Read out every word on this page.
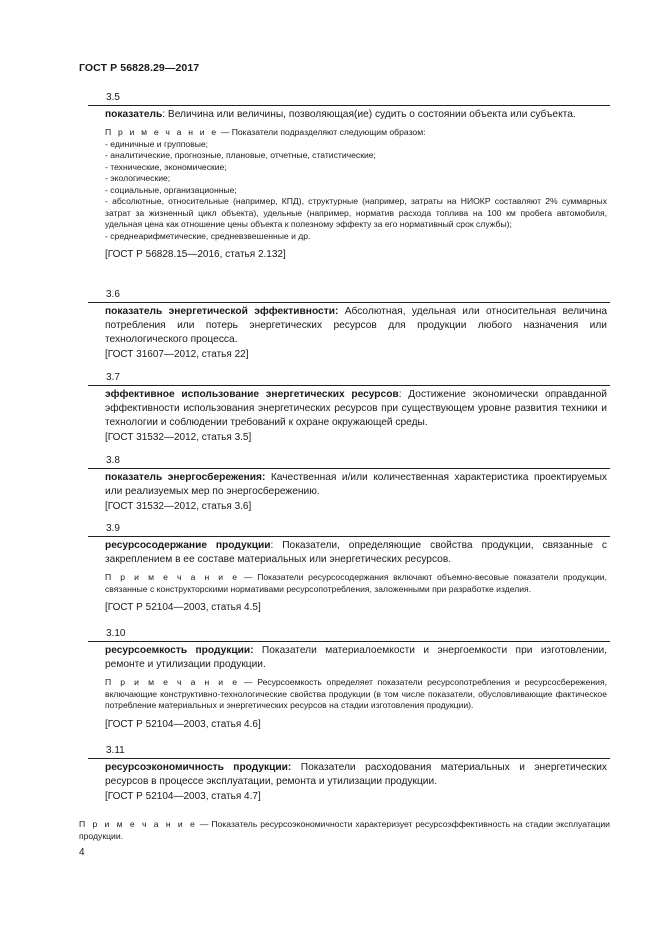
ГОСТ Р 56828.29—2017
3.5
показатель: Величина или величины, позволяющая(ие) судить о состоянии объекта или субъекта.
П р и м е ч а н и е — Показатели подразделяют следующим образом:
- единичные и групповые;
- аналитические, прогнозные, плановые, отчетные, статистические;
- технические, экономические;
- экологические;
- социальные, организационные;
- абсолютные, относительные (например, КПД), структурные (например, затраты на НИОКР составляют 2% суммарных затрат за жизненный цикл объекта), удельные (например, норматив расхода топлива на 100 км пробега автомобиля, удельная цена как отношение цены объекта к полезному эффекту за его нормативный срок службы);
- среднеарифметические, средневзвешенные и др.
[ГОСТ Р 56828.15—2016, статья 2.132]
3.6
показатель энергетической эффективности: Абсолютная, удельная или относительная величина потребления или потерь энергетических ресурсов для продукции любого назначения или технологического процесса.
[ГОСТ 31607—2012, статья 22]
3.7
эффективное использование энергетических ресурсов: Достижение экономически оправданной эффективности использования энергетических ресурсов при существующем уровне развития техники и технологии и соблюдении требований к охране окружающей среды.
[ГОСТ 31532—2012, статья 3.5]
3.8
показатель энергосбережения: Качественная и/или количественная характеристика проектируемых или реализуемых мер по энергосбережению.
[ГОСТ 31532—2012, статья 3.6]
3.9
ресурсосодержание продукции: Показатели, определяющие свойства продукции, связанные с закреплением в ее составе материальных или энергетических ресурсов.
П р и м е ч а н и е — Показатели ресурсосодержания включают объемно-весовые показатели продукции, связанные с конструкторскими нормативами ресурсопотребления, заложенными при разработке изделия.
[ГОСТ Р 52104—2003, статья 4.5]
3.10
ресурсоемкость продукции: Показатели материалоемкости и энергоемкости при изготовлении, ремонте и утилизации продукции.
П р и м е ч а н и е — Ресурсоемкость определяет показатели ресурсопотребления и ресурсосбережения, включающие конструктивно-технологические свойства продукции (в том числе показатели, обусловливающие фактическое потребление материальных и энергетических ресурсов на стадии изготовления продукции).
[ГОСТ Р 52104—2003, статья 4.6]
3.11
ресурсоэкономичность продукции: Показатели расходования материальных и энергетических ресурсов в процессе эксплуатации, ремонта и утилизации продукции.
[ГОСТ Р 52104—2003, статья 4.7]
П р и м е ч а н и е — Показатель ресурсоэкономичности характеризует ресурсоэффективность на стадии эксплуатации продукции.
4
